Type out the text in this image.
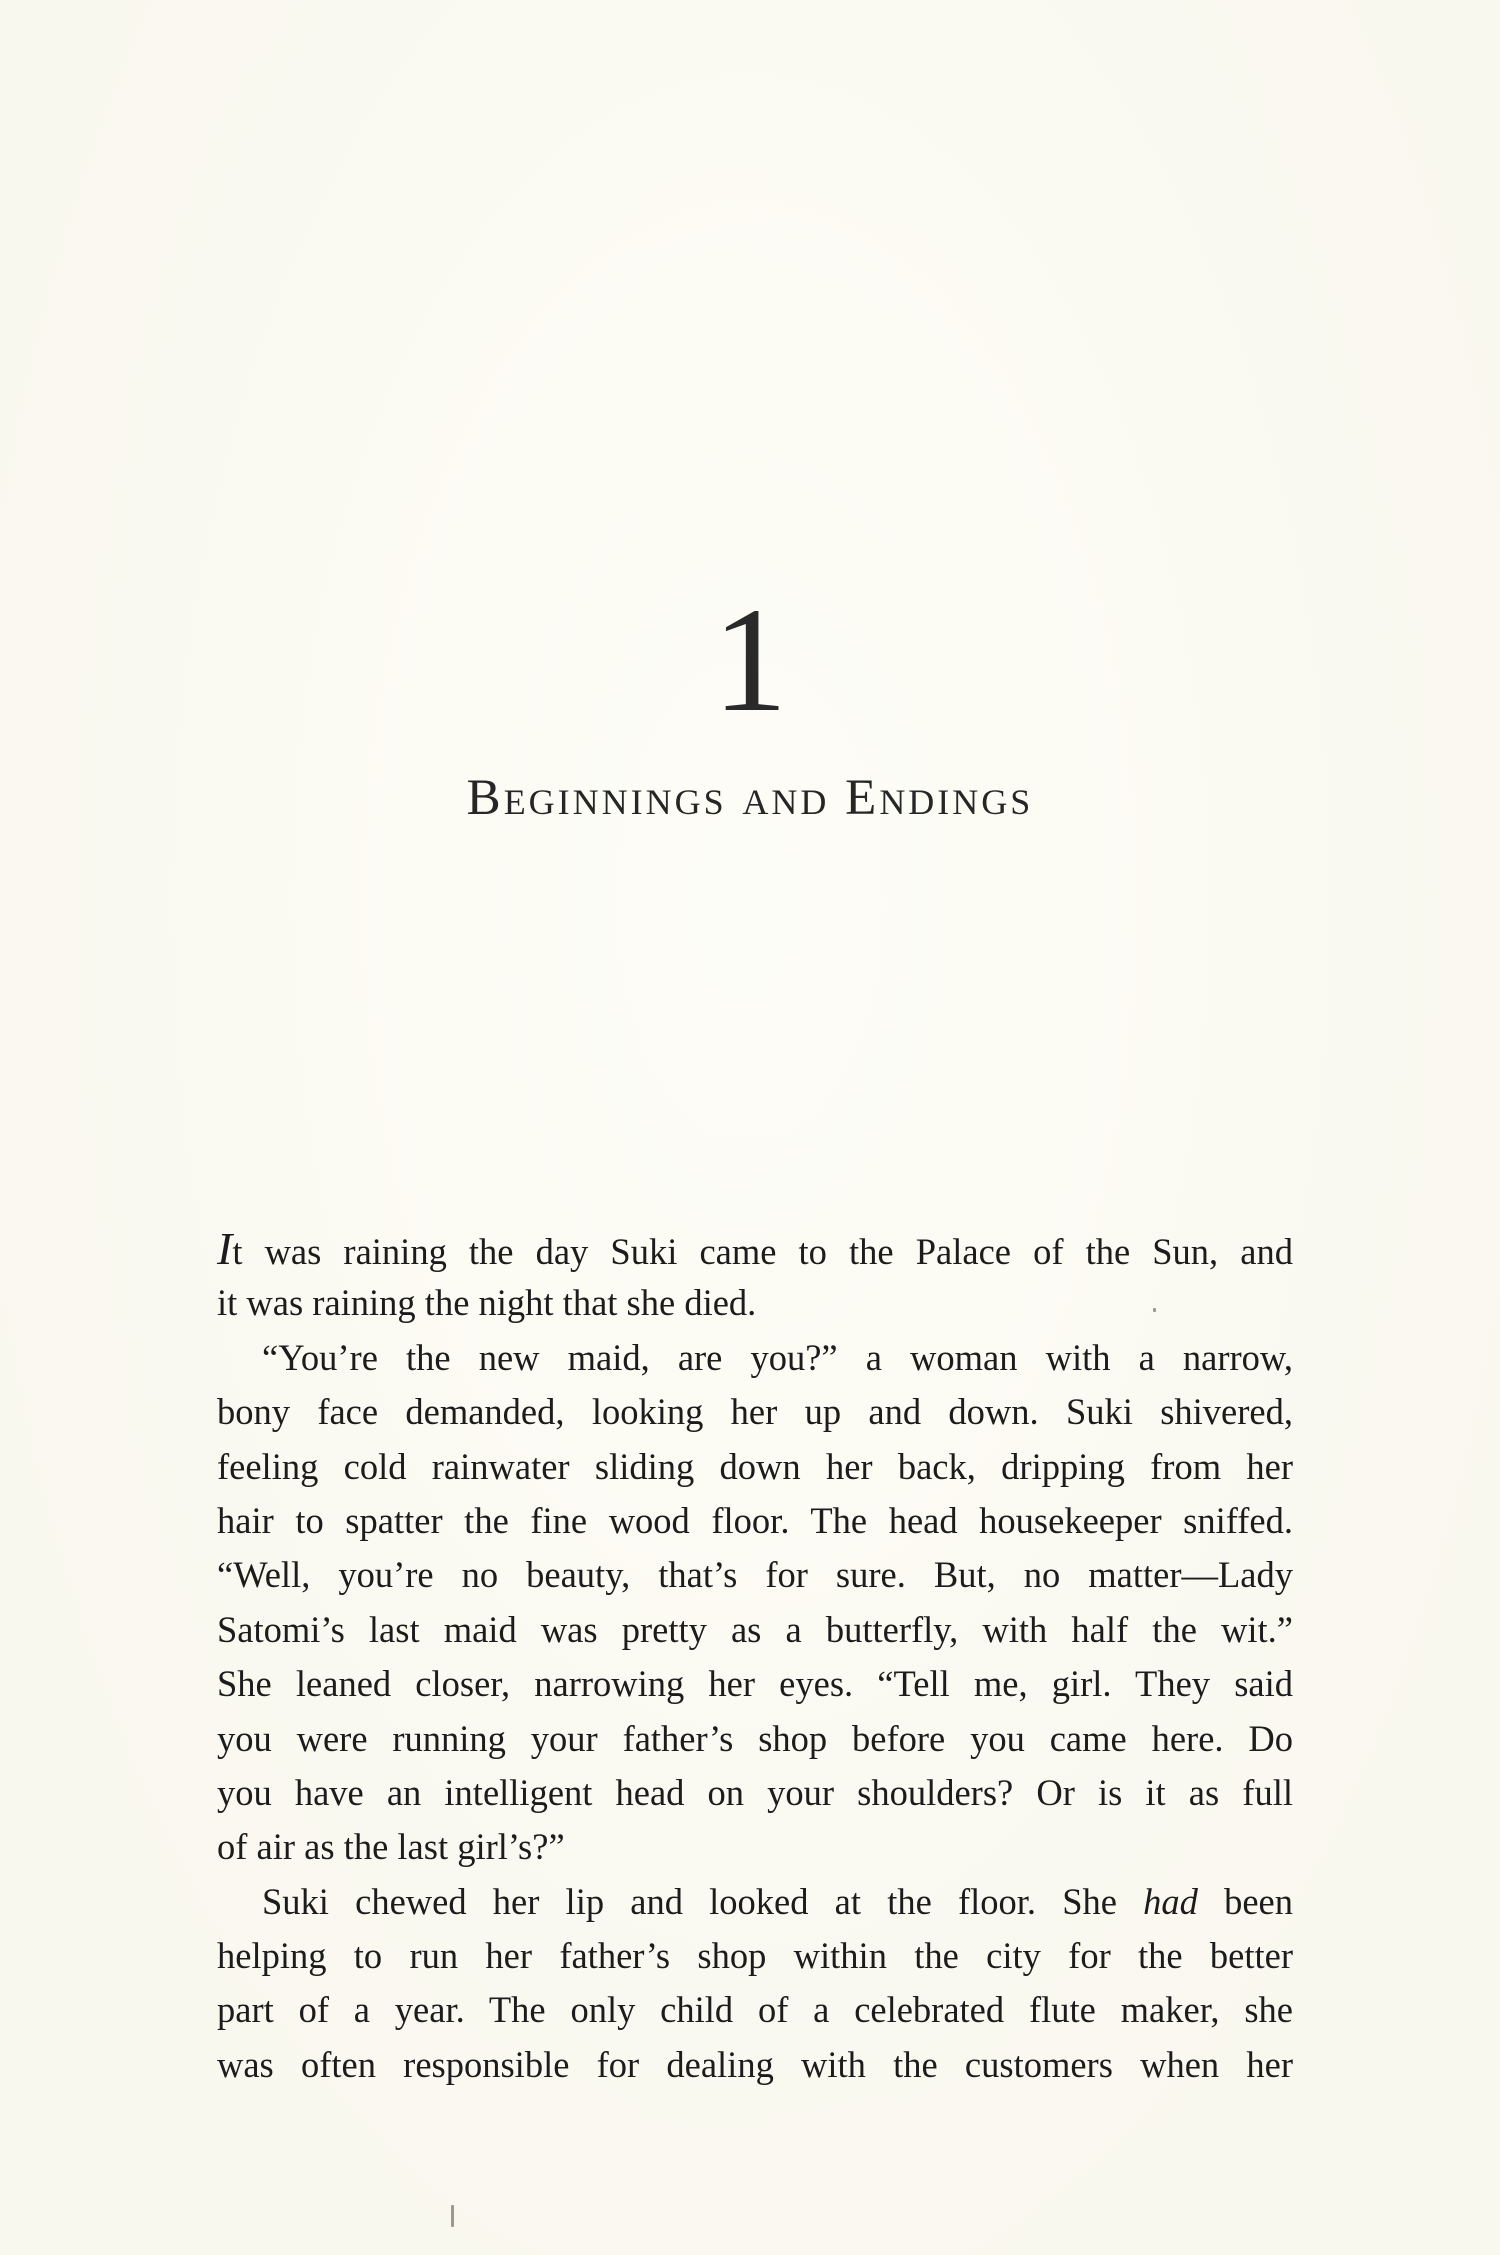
1
Beginnings and Endings
It was raining the day Suki came to the Palace of the Sun, and
it was raining the night that she died.
“You’re the new maid, are you?” a woman with a narrow,
bony face demanded, looking her up and down. Suki shivered,
feeling cold rainwater sliding down her back, dripping from her
hair to spatter the fine wood floor. The head housekeeper sniffed.
“Well, you’re no beauty, that’s for sure. But, no matter—Lady
Satomi’s last maid was pretty as a butterfly, with half the wit.”
She leaned closer, narrowing her eyes. “Tell me, girl. They said
you were running your father’s shop before you came here. Do
you have an intelligent head on your shoulders? Or is it as full
of air as the last girl’s?”
Suki chewed her lip and looked at the floor. She had been
helping to run her father’s shop within the city for the better
part of a year. The only child of a celebrated flute maker, she
was often responsible for dealing with the customers when her
